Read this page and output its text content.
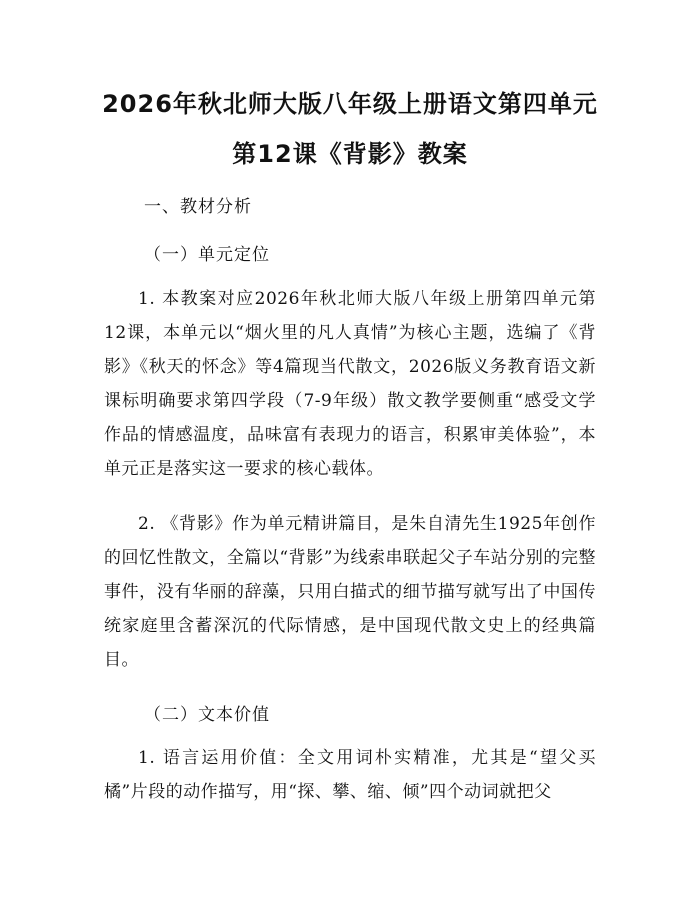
2026年秋北师大版八年级上册语文第四单元
第12课《背影》教案

一、教材分析

（一）单元定位

1. 本教案对应2026年秋北师大版八年级上册第四单元第12课，本单元以“烟火里的凡人真情”为核心主题，选编了《背影》《秋天的怀念》等4篇现当代散文，2026版义务教育语文新课标明确要求第四学段（7-9年级）散文教学要侧重“感受文学作品的情感温度，品味富有表现力的语言，积累审美体验”，本单元正是落实这一要求的核心载体。

2. 《背影》作为单元精讲篇目，是朱自清先生1925年创作的回忆性散文，全篇以“背影”为线索串联起父子车站分别的完整事件，没有华丽的辞藻，只用白描式的细节描写就写出了中国传统家庭里含蓄深沉的代际情感，是中国现代散文史上的经典篇目。

（二）文本价值

1. 语言运用价值：全文用词朴实精准，尤其是“望父买橘”片段的动作描写，用“探、攀、缩、倾”四个动词就把父
